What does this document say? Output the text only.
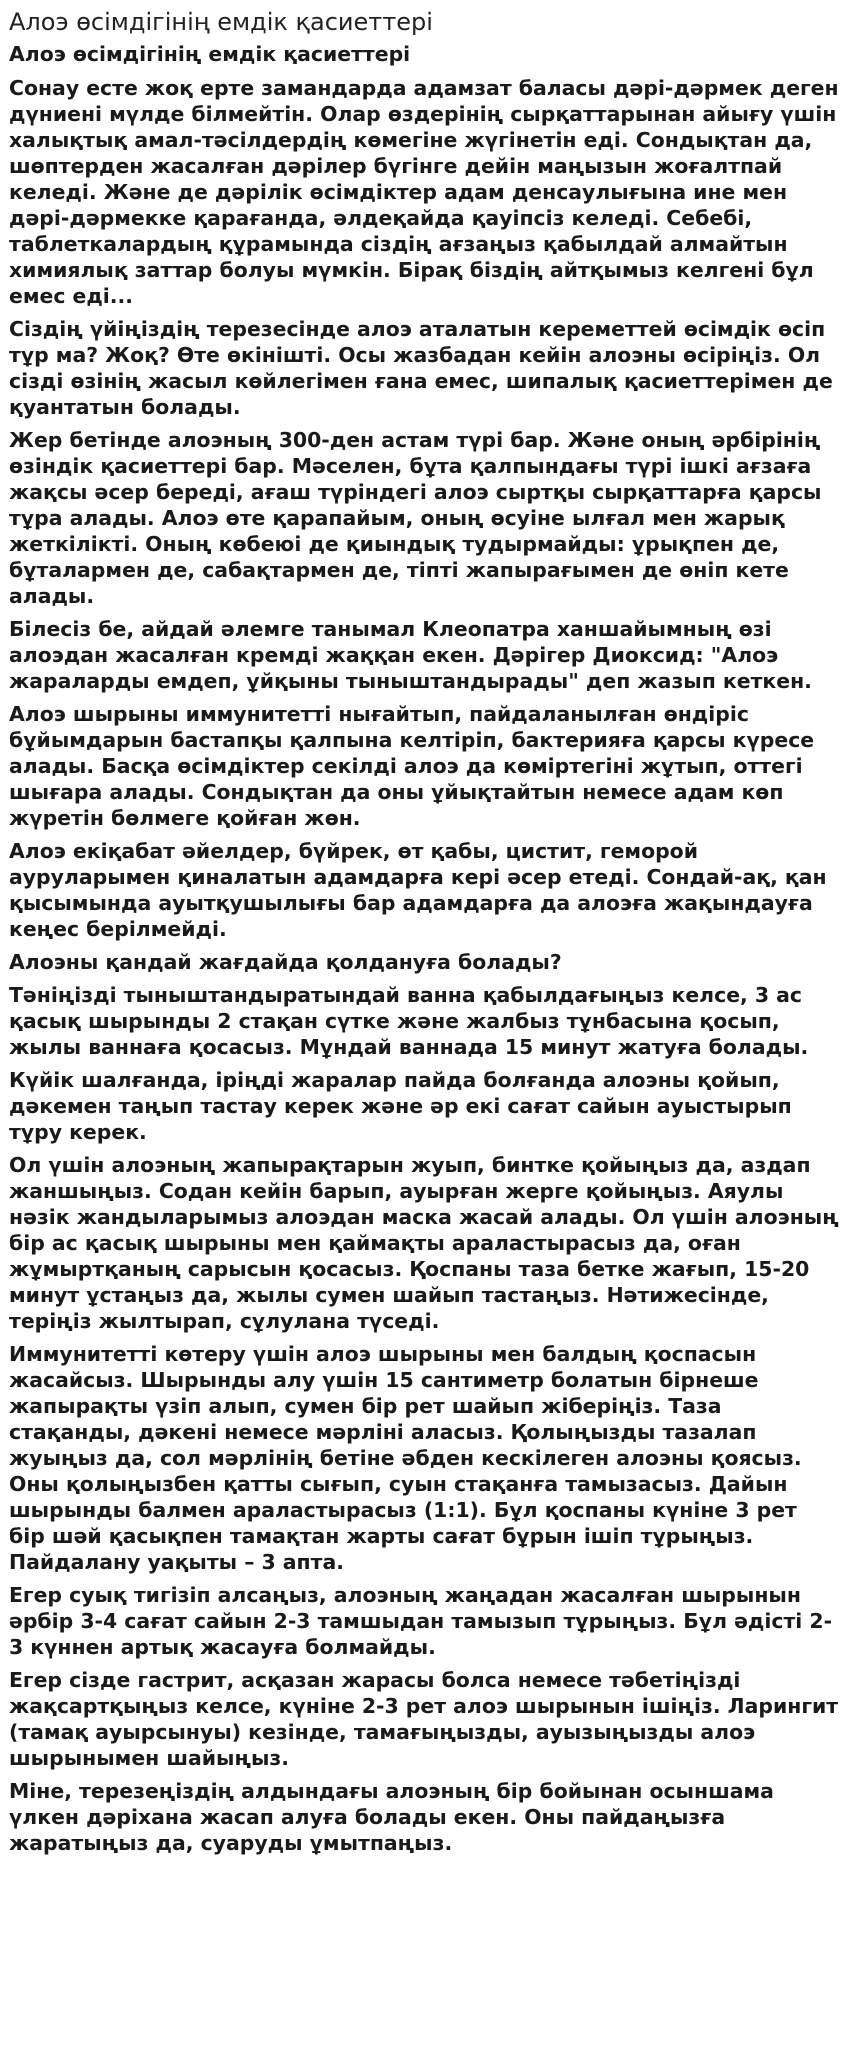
Алоэ өсімдігінің емдік қасиеттері
Алоэ өсімдігінің емдік қасиеттері

Сонау есте жоқ ерте замандарда адамзат баласы дәрі-дәрмек деген дүниені мүлде білмейтін. Олар өздерінің сырқаттарынан айығу үшін халықтық амал-тәсілдердің көмегіне жүгінетін еді. Сондықтан да, шөптерден жасалған дәрілер бүгінге дейін маңызын жоғалтпай келеді. Және де дәрілік өсімдіктер адам денсаулығына ине мен дәрі-дәрмекке қарағанда, әлдеқайда қауіпсіз келеді. Себебі, таблеткалардың құрамында сіздің ағзаңыз қабылдай алмайтын химиялық заттар болуы мүмкін. Бірақ біздің айтқымыз келгені бұл емес еді...

Сіздің үйіңіздің терезесінде алоэ аталатын кереметтей өсімдік өсіп тұр ма? Жоқ? Өте өкінішті. Осы жазбадан кейін алоэны өсіріңіз. Ол сізді өзінің жасыл көйлегімен ғана емес, шипалық қасиеттерімен де қуантатын болады.

Жер бетінде алоэның 300-ден астам түрі бар. Және оның әрбірінің өзіндік қасиеттері бар. Мәселен, бұта қалпындағы түрі ішкі ағзаға жақсы әсер береді, ағаш түріндегі алоэ сыртқы сырқаттарға қарсы тұра алады. Алоэ өте қарапайым, оның өсуіне ылғал мен жарық жеткілікті. Оның көбеюі де қиындық тудырмайды: ұрықпен де, бұталармен де, сабақтармен де, тіпті жапырағымен де өніп кете алады.

Білесіз бе, айдай әлемге танымал Клеопатра ханшайымның өзі алоэдан жасалған кремді жаққан екен. Дәрігер Диоксид: "Алоэ жараларды емдеп, ұйқыны тыныштандырады" деп жазып кеткен.

Алоэ шырыны иммунитетті нығайтып, пайдаланылған өндіріс бұйымдарын бастапқы қалпына келтіріп, бактерияға қарсы күресе алады. Басқа өсімдіктер секілді алоэ да көміртегіні жұтып, оттегі шығара алады. Сондықтан да оны ұйықтайтын немесе адам көп жүретін бөлмеге қойған жөн.

Алоэ екіқабат әйелдер, бүйрек, өт қабы, цистит, геморой ауруларымен қиналатын адамдарға кері әсер етеді. Сондай-ақ, қан қысымында ауытқушылығы бар адамдарға да алоэға жақындауға кеңес берілмейді.

Алоэны қандай жағдайда қолдануға болады?

Тәніңізді тыныштандыратындай ванна қабылдағыңыз келсе, 3 ас қасық шырынды 2 стақан сүтке және жалбыз тұнбасына қосып, жылы ваннаға қосасыз. Мұндай ваннада 15 минут жатуға болады.

Күйік шалғанда, іріңді жаралар пайда болғанда алоэны қойып, дәкемен таңып тастау керек және әр екі сағат сайын ауыстырып тұру керек.

Ол үшін алоэның жапырақтарын жуып, бинтке қойыңыз да, аздап жаншыңыз. Содан кейін барып, ауырған жерге қойыңыз. Аяулы нәзік жандыларымыз алоэдан маска жасай алады. Ол үшін алоэның бір ас қасық шырыны мен қаймақты араластырасыз да, оған жұмыртқаның сарысын қосасыз. Қоспаны таза бетке жағып, 15-20 минут ұстаңыз да, жылы сумен шайып тастаңыз. Нәтижесінде, теріңіз жылтырап, сұлулана түседі.

Иммунитетті көтеру үшін алоэ шырыны мен балдың қоспасын жасайсыз. Шырынды алу үшін 15 сантиметр болатын бірнеше жапырақты үзіп алып, сумен бір рет шайып жіберіңіз. Таза стақанды, дәкені немесе мәрліні аласыз. Қолыңызды тазалап жуыңыз да, сол мәрлінің бетіне әбден кескілеген алоэны қоясыз. Оны қолыңызбен қатты сығып, суын стақанға тамызасыз. Дайын шырынды балмен араластырасыз (1:1). Бұл қоспаны күніне 3 рет бір шәй қасықпен тамақтан жарты сағат бұрын ішіп тұрыңыз. Пайдалану уақыты – 3 апта.

Егер суық тигізіп алсаңыз, алоэның жаңадан жасалған шырынын әрбір 3-4 сағат сайын 2-3 тамшыдан тамызып тұрыңыз. Бұл әдісті 2-3 күннен артық жасауға болмайды.

Егер сізде гастрит, асқазан жарасы болса немесе тәбетіңізді жақсартқыңыз келсе, күніне 2-3 рет алоэ шырынын ішіңіз. Ларингит (тамақ ауырсынуы) кезінде, тамағыңызды, ауызыңызды алоэ шырынымен шайыңыз.

Міне, терезеңіздің алдындағы алоэның бір бойынан осыншама үлкен дәріхана жасап алуға болады екен. Оны пайдаңызға жаратыңыз да, суаруды ұмытпаңыз.
